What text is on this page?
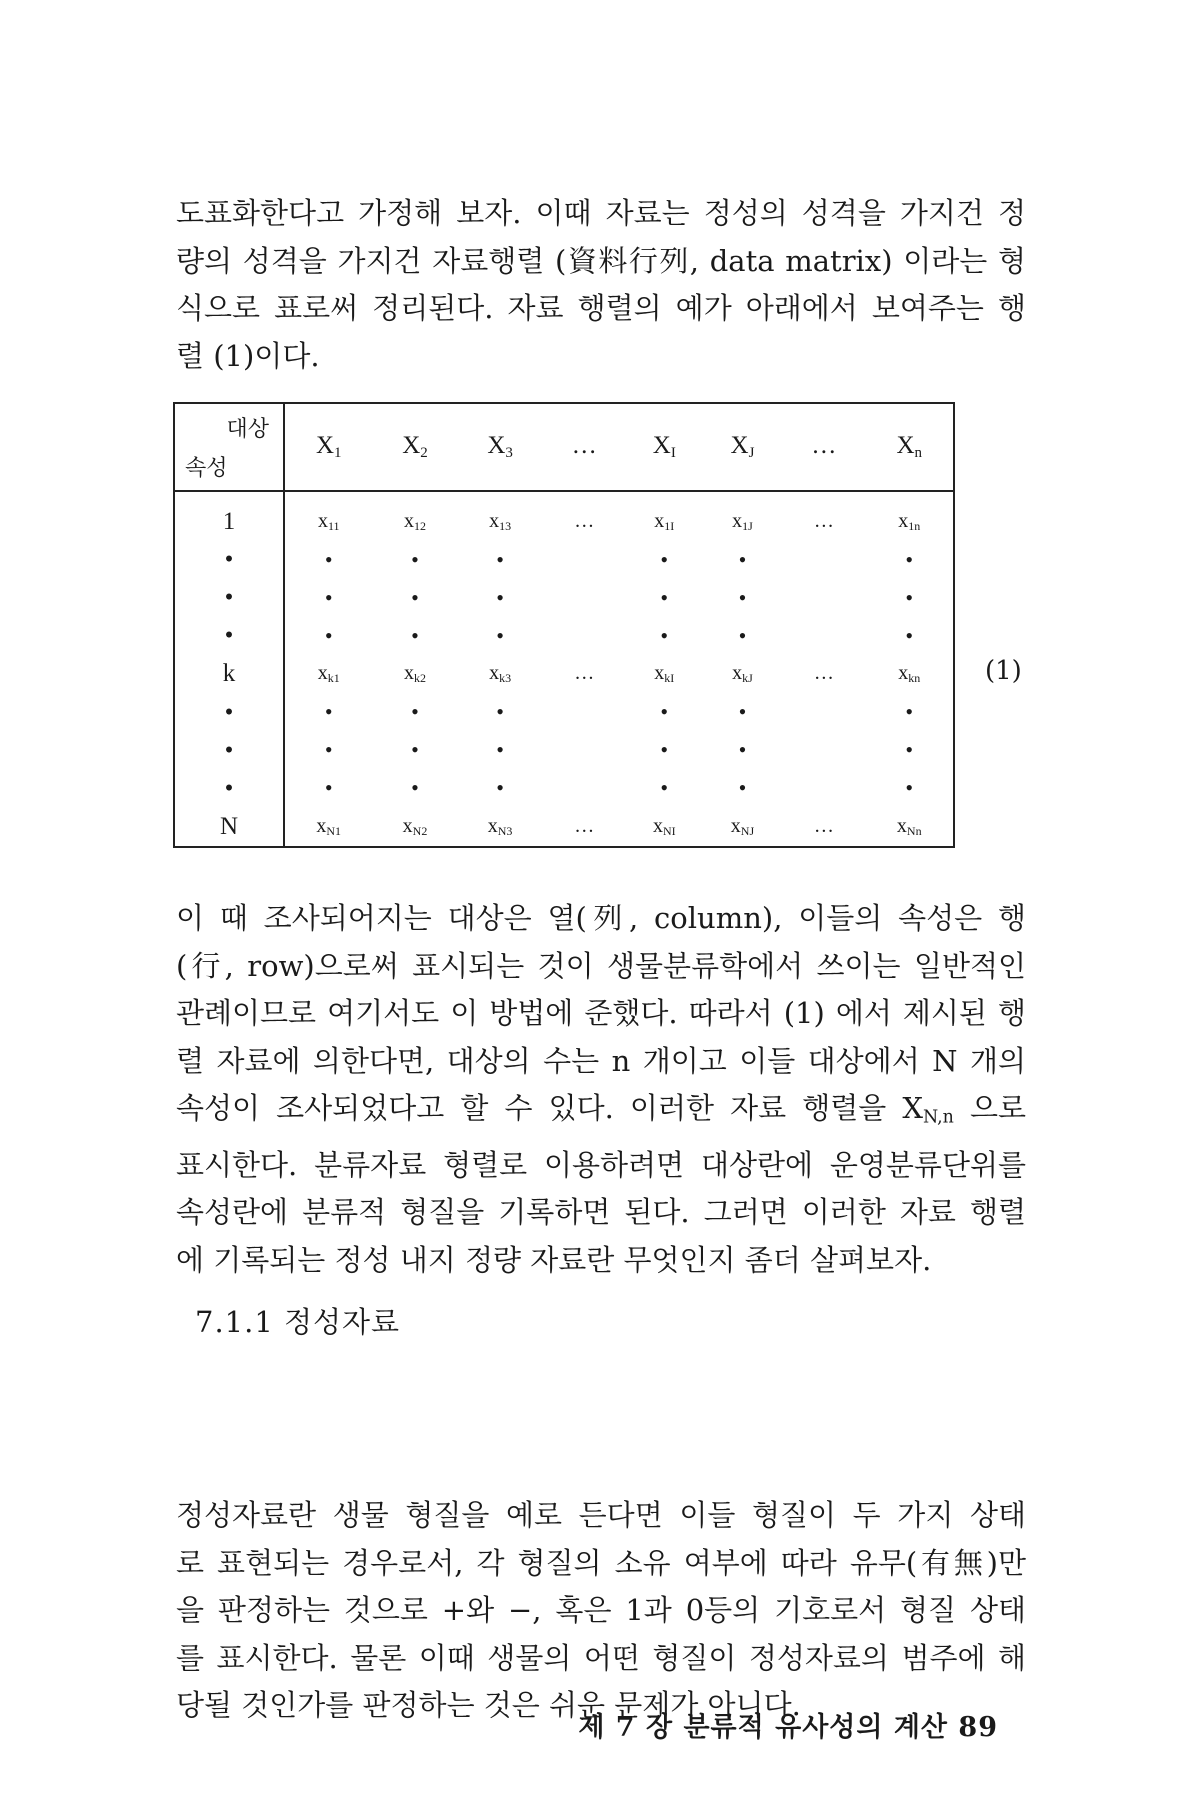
도표화한다고 가정해 보자. 이때 자료는 정성의 성격을 가지건 정
량의 성격을 가지건 자료행렬 (資料行列, data matrix) 이라는 형
식으로 표로써 정리된다. 자료 행렬의 예가 아래에서 보여주는 행
렬 (1)이다.
대상
속성	$X_1$	$X_2$	$X_3$	…	$X_I$	$X_J$	…	$X_n$
1	$x_{11}$	$x_{12}$	$x_{13}$	…	$x_{1I}$	$x_{1J}$	…	$x_{1n}$
•	•	•	•		•	•		•
•	•	•	•		•	•		•
•	•	•	•		•	•		•
k	$x_{k1}$	$x_{k2}$	$x_{k3}$	…	$x_{kI}$	$x_{kJ}$	…	$x_{kn}$
•	•	•	•		•	•		•
•	•	•	•		•	•		•
•	•	•	•		•	•		•
N	$x_{N1}$	$x_{N2}$	$x_{N3}$	…	$x_{NI}$	$x_{NJ}$	…	$x_{Nn}$
(1)
이 때 조사되어지는 대상은 열(列, column), 이들의 속성은 행
(行, row)으로써 표시되는 것이 생물분류학에서 쓰이는 일반적인
관례이므로 여기서도 이 방법에 준했다. 따라서 (1) 에서 제시된 행
렬 자료에 의한다면, 대상의 수는 n 개이고 이들 대상에서 N 개의
속성이 조사되었다고 할 수 있다. 이러한 자료 행렬을 $X_{N,n}$ 으로
표시한다. 분류자료 형렬로 이용하려면 대상란에 운영분류단위를
속성란에 분류적 형질을 기록하면 된다. 그러면 이러한 자료 행렬
에 기록되는 정성 내지 정량 자료란 무엇인지 좀더 살펴보자.
7.1.1 정성자료
정성자료란 생물 형질을 예로 든다면 이들 형질이 두 가지 상태
로 표현되는 경우로서, 각 형질의 소유 여부에 따라 유무(有無)만
을 판정하는 것으로 +와 −, 혹은 1과 0등의 기호로서 형질 상태
를 표시한다. 물론 이때 생물의 어떤 형질이 정성자료의 범주에 해
당될 것인가를 판정하는 것은 쉬운 문제가 아니다.
제 7 장 분류적 유사성의 계산 89
